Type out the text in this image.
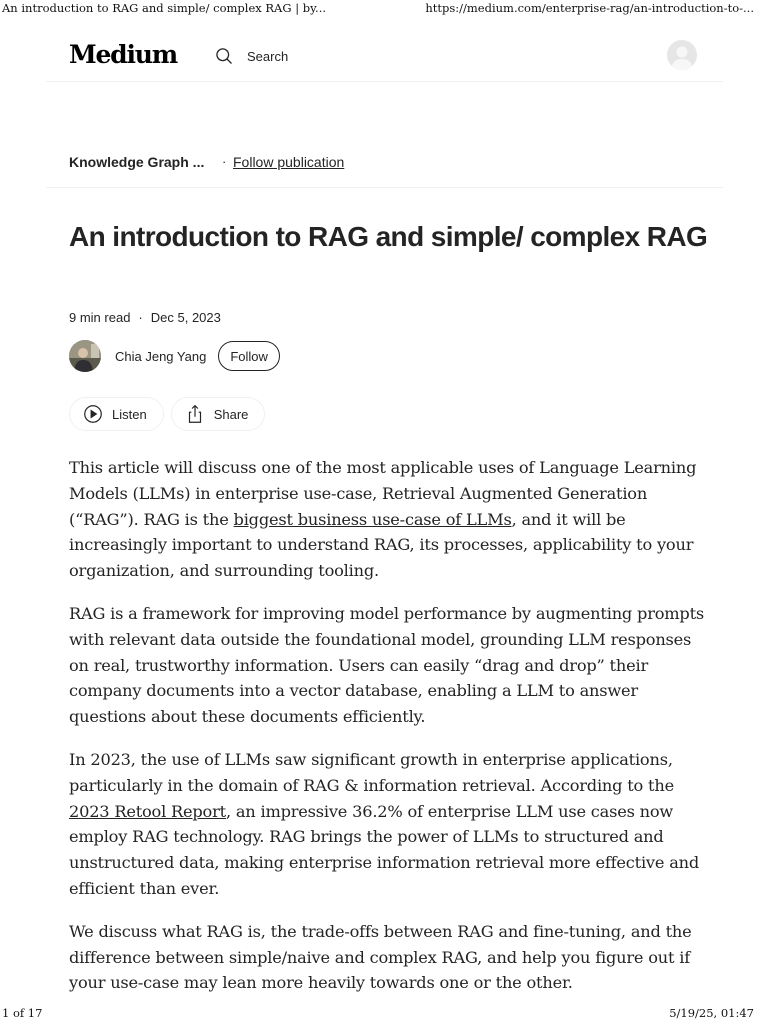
An introduction to RAG and simple/ complex RAG | by...	https://medium.com/enterprise-rag/an-introduction-to-...
Medium	Search
Knowledge Graph ... · Follow publication
An introduction to RAG and simple/ complex RAG
9 min read · Dec 5, 2023
Chia Jeng Yang	Follow
Listen	Share

This article will discuss one of the most applicable uses of Language Learning Models (LLMs) in enterprise use-case, Retrieval Augmented Generation (“RAG”). RAG is the biggest business use-case of LLMs, and it will be increasingly important to understand RAG, its processes, applicability to your organization, and surrounding tooling.

RAG is a framework for improving model performance by augmenting prompts with relevant data outside the foundational model, grounding LLM responses on real, trustworthy information. Users can easily “drag and drop” their company documents into a vector database, enabling a LLM to answer questions about these documents efficiently.

In 2023, the use of LLMs saw significant growth in enterprise applications, particularly in the domain of RAG & information retrieval. According to the 2023 Retool Report, an impressive 36.2% of enterprise LLM use cases now employ RAG technology. RAG brings the power of LLMs to structured and unstructured data, making enterprise information retrieval more effective and efficient than ever.

We discuss what RAG is, the trade-offs between RAG and fine-tuning, and the difference between simple/naive and complex RAG, and help you figure out if your use-case may lean more heavily towards one or the other.

1 of 17	5/19/25, 01:47
